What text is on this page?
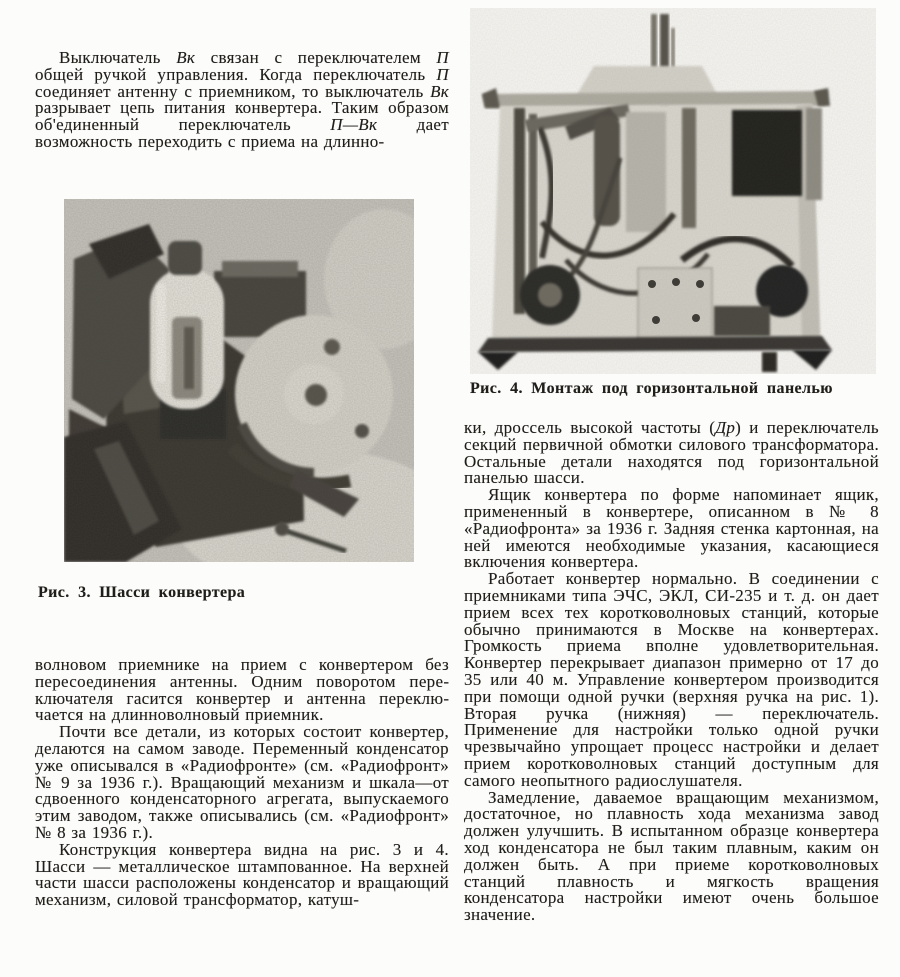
Выключатель Вк связан с переключателем П общей ручкой управления. Когда переключатель П соединяет антенну с приемником, то выключатель Вк разрывает цепь питания конвертера. Таким образом об'единенный переключатель П—Вк дает возможность переходить с приема на длинно-

Рис. 3. Шасси конвертера

волновом приемнике на прием с конвертером без пересоединения антенны. Одним поворотом переключателя гасится конвертер и антенна переключается на длинноволновый приемник.

Почти все детали, из которых состоит конвертер, делаются на самом заводе. Переменный конденсатор уже описывался в «Радиофронте» (см. «Радиофронт» № 9 за 1936 г.). Вращающий механизм и шкала—от сдвоенного конденсаторного агрегата, выпускаемого этим заводом, также описывались (см. «Радиофронт» № 8 за 1936 г.).

Конструкция конвертера видна на рис. 3 и 4. Шасси — металлическое штампованное. На верхней части шасси расположены конденсатор и вращающий механизм, силовой трансформатор, катуш-

Рис. 4. Монтаж под горизонтальной панелью

ки, дроссель высокой частоты (Др) и переключатель секций первичной обмотки силового трансформатора. Остальные детали находятся под горизонтальной панелью шасси.

Ящик конвертера по форме напоминает ящик, примененный в конвертере, описанном в № 8 «Радиофронта» за 1936 г. Задняя стенка картонная, на ней имеются необходимые указания, касающиеся включения конвертера.

Работает конвертер нормально. В соединении с приемниками типа ЭЧС, ЭКЛ, СИ-235 и т. д. он дает прием всех тех коротковолновых станций, которые обычно принимаются в Москве на конвертерах. Громкость приема вполне удовлетворительная. Конвертер перекрывает диапазон примерно от 17 до 35 или 40 м. Управление конвертером производится при помощи одной ручки (верхняя ручка на рис. 1). Вторая ручка (нижняя) — переключатель. Применение для настройки только одной ручки чрезвычайно упрощает процесс настройки и делает прием коротковолновых станций доступным для самого неопытного радиослушателя.

Замедление, даваемое вращающим механизмом, достаточное, но плавность хода механизма завод должен улучшить. В испытанном образце конвертера ход конденсатора не был таким плавным, каким он должен быть. А при приеме коротковолновых станций плавность и мягкость вращения конденсатора настройки имеют очень большое значение.
